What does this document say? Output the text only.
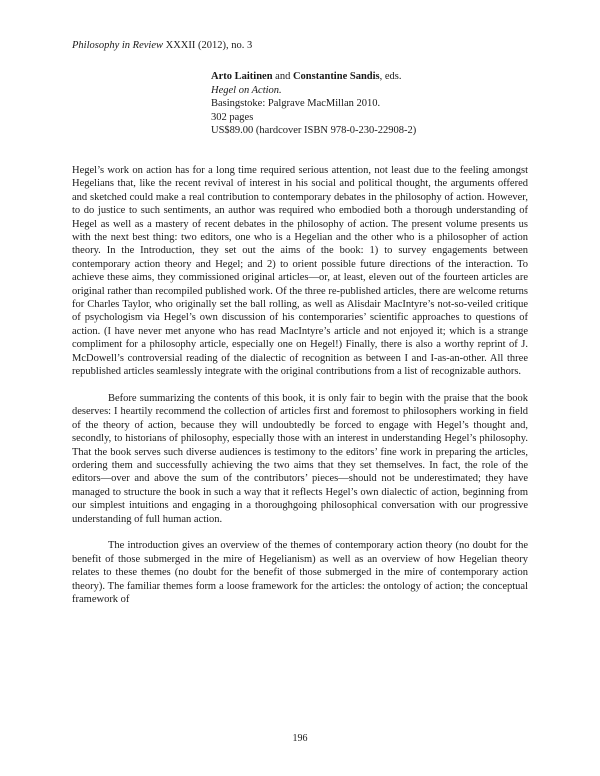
Philosophy in Review XXXII (2012), no. 3
Arto Laitinen and Constantine Sandis, eds.
Hegel on Action.
Basingstoke: Palgrave MacMillan 2010.
302 pages
US$89.00 (hardcover ISBN 978-0-230-22908-2)

Hegel’s work on action has for a long time required serious attention, not least due to the feeling amongst Hegelians that, like the recent revival of interest in his social and political thought, the arguments offered and sketched could make a real contribution to contemporary debates in the philosophy of action. However, to do justice to such sentiments, an author was required who embodied both a thorough understanding of Hegel as well as a mastery of recent debates in the philosophy of action. The present volume presents us with the next best thing: two editors, one who is a Hegelian and the other who is a philosopher of action theory. In the Introduction, they set out the aims of the book: 1) to survey engagements between contemporary action theory and Hegel; and 2) to orient possible future directions of the interaction. To achieve these aims, they commissioned original articles—or, at least, eleven out of the fourteen articles are original rather than recompiled published work. Of the three re-published articles, there are welcome returns for Charles Taylor, who originally set the ball rolling, as well as Alisdair MacIntyre’s not-so-veiled critique of psychologism via Hegel’s own discussion of his contemporaries’ scientific approaches to questions of action. (I have never met anyone who has read MacIntyre’s article and not enjoyed it; which is a strange compliment for a philosophy article, especially one on Hegel!) Finally, there is also a worthy reprint of J. McDowell’s controversial reading of the dialectic of recognition as between I and I-as-an-other. All three republished articles seamlessly integrate with the original contributions from a list of recognizable authors.

Before summarizing the contents of this book, it is only fair to begin with the praise that the book deserves: I heartily recommend the collection of articles first and foremost to philosophers working in field of the theory of action, because they will undoubtedly be forced to engage with Hegel’s thought and, secondly, to historians of philosophy, especially those with an interest in understanding Hegel’s philosophy. That the book serves such diverse audiences is testimony to the editors’ fine work in preparing the articles, ordering them and successfully achieving the two aims that they set themselves. In fact, the role of the editors—over and above the sum of the contributors’ pieces—should not be underestimated; they have managed to structure the book in such a way that it reflects Hegel’s own dialectic of action, beginning from our simplest intuitions and engaging in a thoroughgoing philosophical conversation with our progressive understanding of full human action.

The introduction gives an overview of the themes of contemporary action theory (no doubt for the benefit of those submerged in the mire of Hegelianism) as well as an overview of how Hegelian theory relates to these themes (no doubt for the benefit of those submerged in the mire of contemporary action theory). The familiar themes form a loose framework for the articles: the ontology of action; the conceptual framework of

196
